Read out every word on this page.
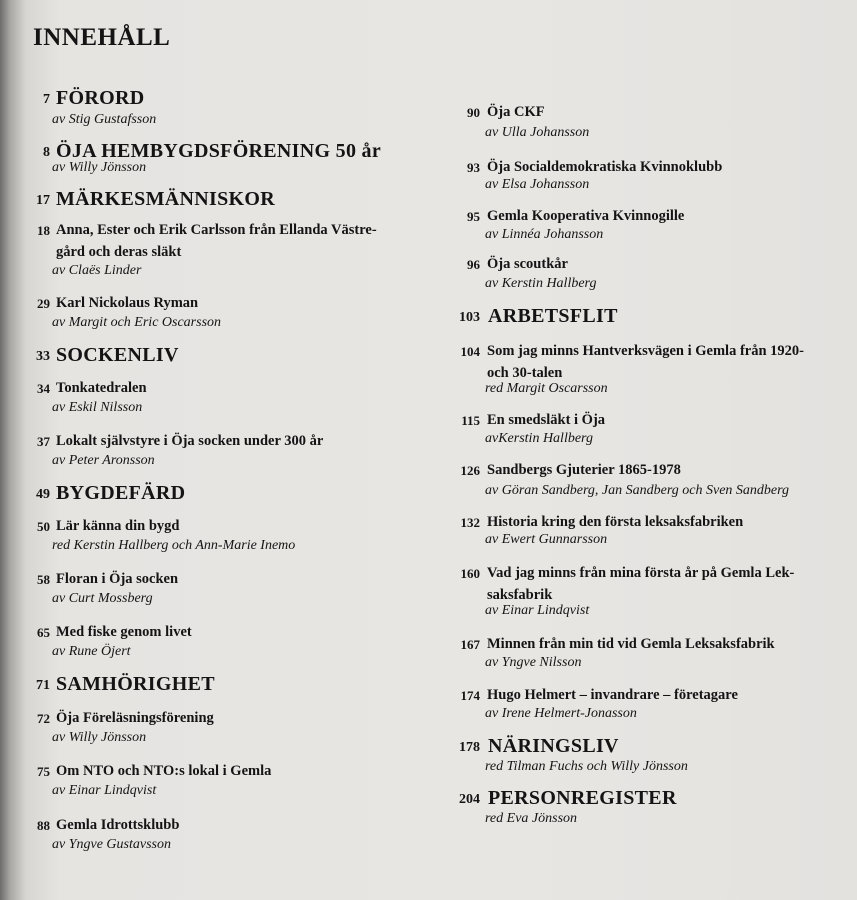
INNEHÅLL
7 FÖRORD
av Stig Gustafsson
8 ÖJA HEMBYGDSFÖRENING 50 år
av Willy Jönsson
17 MÄRKESMÄNNISKOR
18 Anna, Ester och Erik Carlsson från Ellanda Västre-
gård och deras släkt
av Claës Linder
29 Karl Nickolaus Ryman
av Margit och Eric Oscarsson
33 SOCKENLIV
34 Tonkatedralen
av Eskil Nilsson
37 Lokalt självstyre i Öja socken under 300 år
av Peter Aronsson
49 BYGDEFÄRD
50 Lär känna din bygd
red Kerstin Hallberg och Ann-Marie Inemo
58 Floran i Öja socken
av Curt Mossberg
65 Med fiske genom livet
av Rune Öjert
71 SAMHÖRIGHET
72 Öja Föreläsningsförening
av Willy Jönsson
75 Om NTO och NTO:s lokal i Gemla
av Einar Lindqvist
88 Gemla Idrottsklubb
av Yngve Gustavsson
90 Öja CKF
av Ulla Johansson
93 Öja Socialdemokratiska Kvinnoklubb
av Elsa Johansson
95 Gemla Kooperativa Kvinnogille
av Linnéa Johansson
96 Öja scoutkår
av Kerstin Hallberg
103 ARBETSFLIT
104 Som jag minns Hantverksvägen i Gemla från 1920-
och 30-talen
red Margit Oscarsson
115 En smedsläkt i Öja
avKerstin Hallberg
126 Sandbergs Gjuterier 1865-1978
av Göran Sandberg, Jan Sandberg och Sven Sandberg
132 Historia kring den första leksaksfabriken
av Ewert Gunnarsson
160 Vad jag minns från mina första år på Gemla Lek-
saksfabrik
av Einar Lindqvist
167 Minnen från min tid vid Gemla Leksaksfabrik
av Yngve Nilsson
174 Hugo Helmert – invandrare – företagare
av Irene Helmert-Jonasson
178 NÄRINGSLIV
red Tilman Fuchs och Willy Jönsson
204 PERSONREGISTER
red Eva Jönsson
